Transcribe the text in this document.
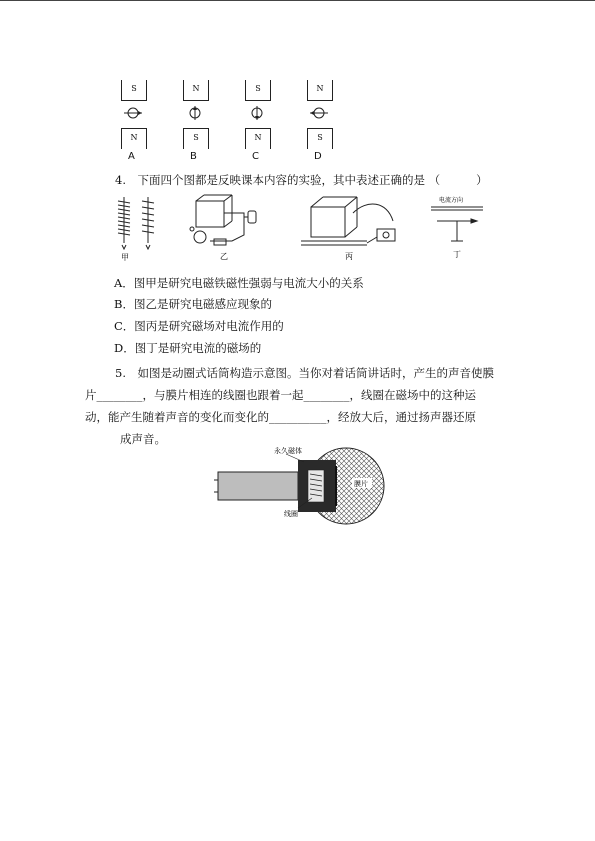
S
N
A
N
S
B
S
N
C
N
S
D
4.　下面四个图都是反映课本内容的实验，其中表述正确的是 （	）
甲	乙	丙
电流方向
丁
A．图甲是研究电磁铁磁性强弱与电流大小的关系
B．图乙是研究电磁感应现象的
C．图丙是研究磁场对电流作用的
D．图丁是研究电流的磁场的
5.　如图是动圈式话筒构造示意图。当你对着话筒讲话时，产生的声音使膜
片________，与膜片相连的线圈也跟着一起________，线圈在磁场中的这种运
动，能产生随着声音的变化而变化的__________，经放大后，通过扬声器还原
成声音。
永久磁体
膜片
线圈
